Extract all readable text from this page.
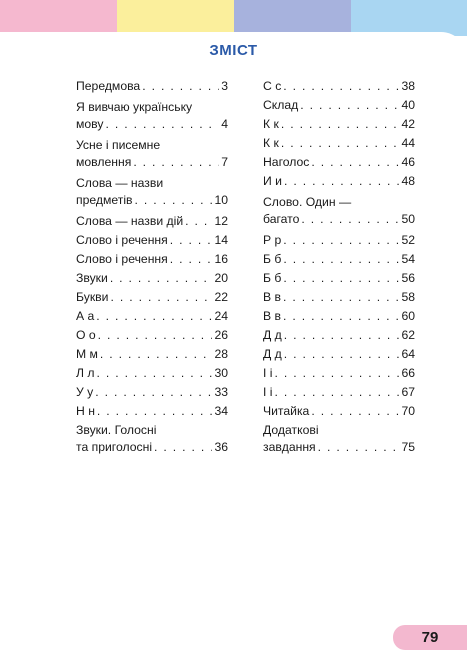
ЗМІСТ
Передмова . . .	3
Я вивчаю українську
мову . . .	4
Усне і писемне
мовлення . . .	7
Слова — назви
предметів . . .	10
Слова — назви дій . . .	12
Слово і речення . . .	14
Слово і речення . . .	16
Звуки . . .	20
Букви . . .	22
А а . . .	24
О о . . .	26
М м . . .	28
Л л . . .	30
У у . . .	33
Н н . . .	34
Звуки. Голосні
та приголосні . . .	36
С с . . .	38
Склад . . .	40
К к . . .	42
К к . . .	44
Наголос . . .	46
И и . . .	48
Слово. Один —
багато . . .	50
Р р . . .	52
Б б . . .	54
Б б . . .	56
В в . . .	58
В в . . .	60
Д д . . .	62
Д д . . .	64
І і . . .	66
І і . . .	67
Читайка . . .	70
Додаткові
завдання . . .	75
79
